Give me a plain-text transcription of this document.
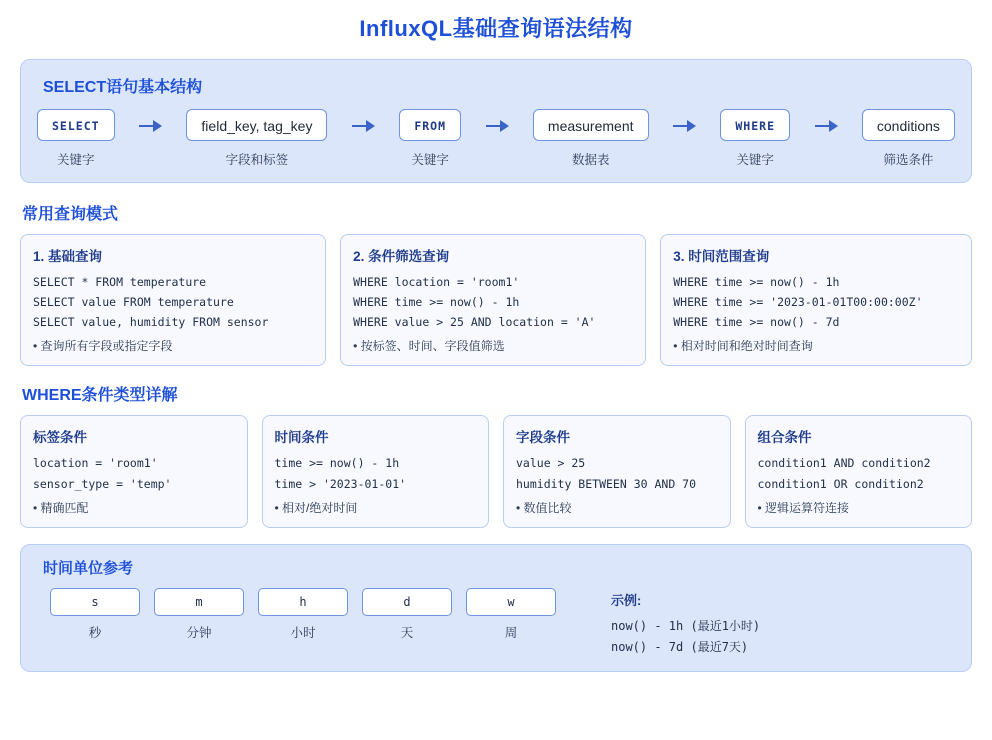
InfluxQL基础查询语法结构
SELECT语句基本结构
SELECT
关键字
field_key, tag_key
字段和标签
FROM
关键字
measurement
数据表
WHERE
关键字
conditions
筛选条件
常用查询模式
1. 基础查询
SELECT * FROM temperature
SELECT value FROM temperature
SELECT value, humidity FROM sensor
• 查询所有字段或指定字段
2. 条件筛选查询
WHERE location = 'room1'
WHERE time >= now() - 1h
WHERE value > 25 AND location = 'A'
• 按标签、时间、字段值筛选
3. 时间范围查询
WHERE time >= now() - 1h
WHERE time >= '2023-01-01T00:00:00Z'
WHERE time >= now() - 7d
• 相对时间和绝对时间查询
WHERE条件类型详解
标签条件
location = 'room1'
sensor_type = 'temp'
• 精确匹配
时间条件
time >= now() - 1h
time > '2023-01-01'
• 相对/绝对时间
字段条件
value > 25
humidity BETWEEN 30 AND 70
• 数值比较
组合条件
condition1 AND condition2
condition1 OR condition2
• 逻辑运算符连接
时间单位参考
s
秒
m
分钟
h
小时
d
天
w
周
示例:
now() - 1h (最近1小时)
now() - 7d (最近7天)
